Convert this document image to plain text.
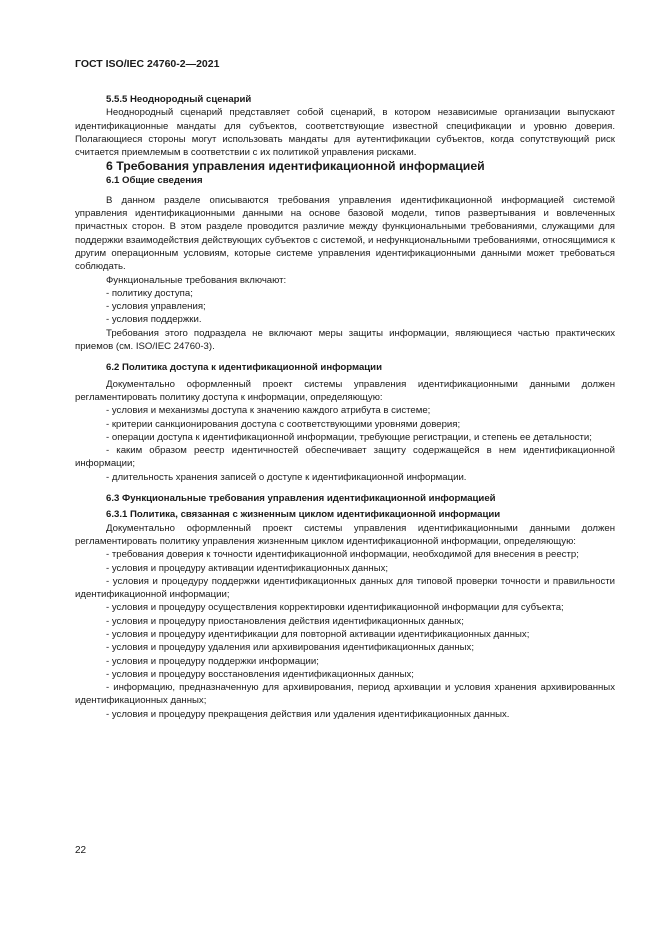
ГОСТ ISO/IEC 24760-2—2021

5.5.5 Неоднородный сценарий

Неоднородный сценарий представляет собой сценарий, в котором независимые организации выпускают идентификационные мандаты для субъектов, соответствующие известной спецификации и уровню доверия. Полагающиеся стороны могут использовать мандаты для аутентификации субъектов, когда сопутствующий риск считается приемлемым в соответствии с их политикой управления рисками.

6 Требования управления идентификационной информацией

6.1 Общие сведения

В данном разделе описываются требования управления идентификационной информацией системой управления идентификационными данными на основе базовой модели, типов развертывания и вовлеченных причастных сторон. В этом разделе проводится различие между функциональными требованиями, служащими для поддержки взаимодействия действующих субъектов с системой, и нефункциональными требованиями, относящимися к другим операционным условиям, которые системе управления идентификационными данными может требоваться соблюдать.

Функциональные требования включают:

- политику доступа;

- условия управления;

- условия поддержки.

Требования этого подраздела не включают меры защиты информации, являющиеся частью практических приемов (см. ISO/IEC 24760-3).

6.2 Политика доступа к идентификационной информации

Документально оформленный проект системы управления идентификационными данными должен регламентировать политику доступа к информации, определяющую:

- условия и механизмы доступа к значению каждого атрибута в системе;

- критерии санкционирования доступа с соответствующими уровнями доверия;

- операции доступа к идентификационной информации, требующие регистрации, и степень ее детальности;

- каким образом реестр идентичностей обеспечивает защиту содержащейся в нем идентификационной информации;

- длительность хранения записей о доступе к идентификационной информации.

6.3 Функциональные требования управления идентификационной информацией

6.3.1 Политика, связанная с жизненным циклом идентификационной информации

Документально оформленный проект системы управления идентификационными данными должен регламентировать политику управления жизненным циклом идентификационной информации, определяющую:

- требования доверия к точности идентификационной информации, необходимой для внесения в реестр;

- условия и процедуру активации идентификационных данных;

- условия и процедуру поддержки идентификационных данных для типовой проверки точности и правильности идентификационной информации;

- условия и процедуру осуществления корректировки идентификационной информации для субъекта;

- условия и процедуру приостановления действия идентификационных данных;

- условия и процедуру идентификации для повторной активации идентификационных данных;

- условия и процедуру удаления или архивирования идентификационных данных;

- условия и процедуру поддержки информации;

- условия и процедуру восстановления идентификационных данных;

- информацию, предназначенную для архивирования, период архивации и условия хранения архивированных идентификационных данных;

- условия и процедуру прекращения действия или удаления идентификационных данных.

22
